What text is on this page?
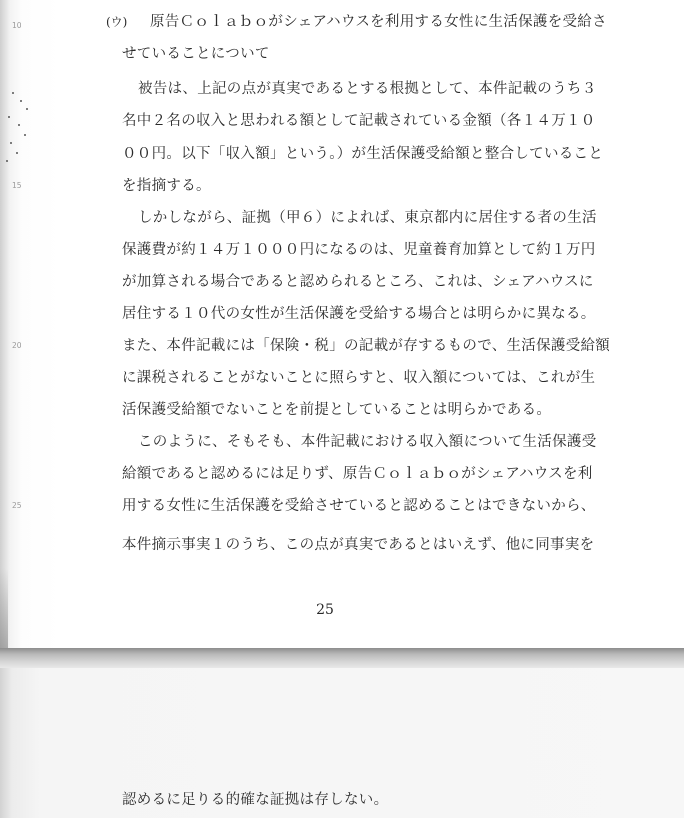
10
15
20
25
(ウ) 原告Ｃｏｌａｂｏがシェアハウスを利用する女性に生活保護を受給さ
せていることについて
被告は、上記の点が真実であるとする根拠として、本件記載のうち３
名中２名の収入と思われる額として記載されている金額（各１４万１０
００円。以下「収入額」という。）が生活保護受給額と整合していること
を指摘する。
しかしながら、証拠（甲６）によれば、東京都内に居住する者の生活
保護費が約１４万１０００円になるのは、児童養育加算として約１万円
が加算される場合であると認められるところ、これは、シェアハウスに
居住する１０代の女性が生活保護を受給する場合とは明らかに異なる。
また、本件記載には「保険・税」の記載が存するもので、生活保護受給額
に課税されることがないことに照らすと、収入額については、これが生
活保護受給額でないことを前提としていることは明らかである。
このように、そもそも、本件記載における収入額について生活保護受
給額であると認めるには足りず、原告Ｃｏｌａｂｏがシェアハウスを利
用する女性に生活保護を受給させていると認めることはできないから、
本件摘示事実１のうち、この点が真実であるとはいえず、他に同事実を
25
認めるに足りる的確な証拠は存しない。
